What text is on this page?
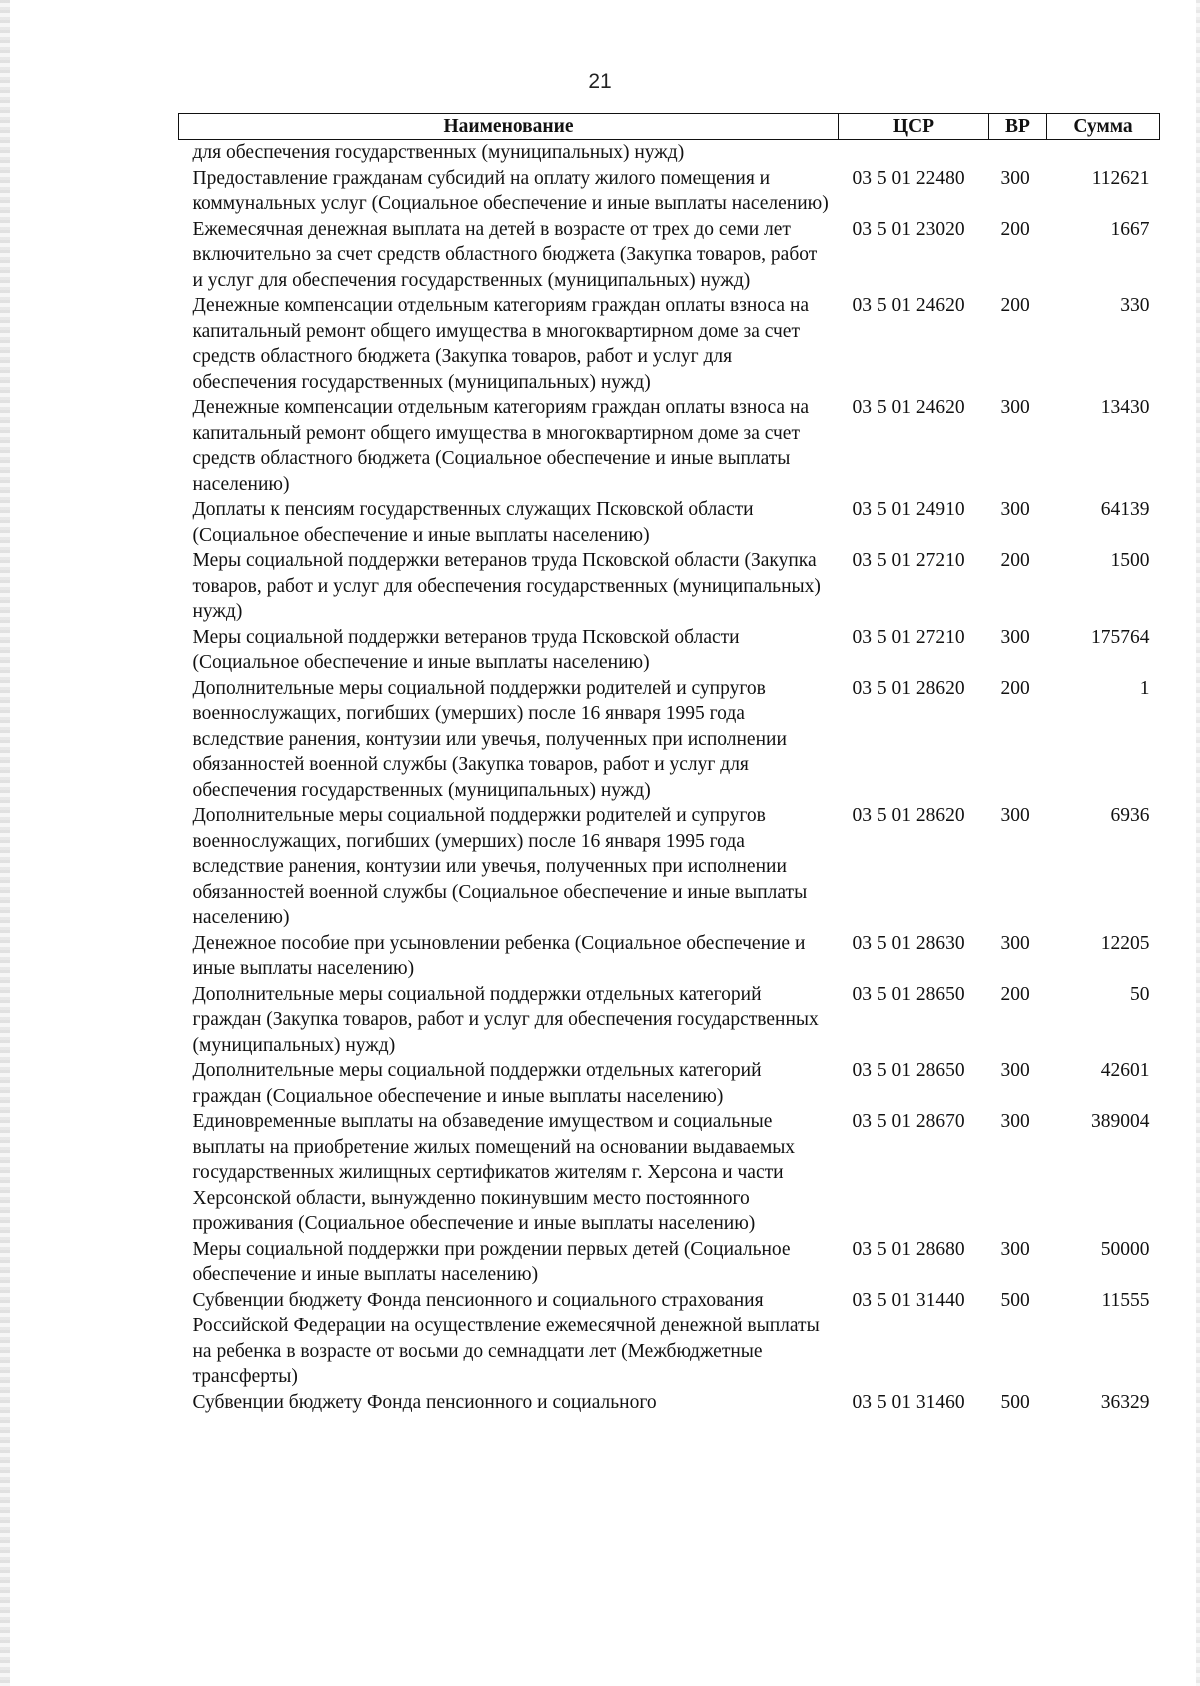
21
Наименование	ЦСР	ВР	Сумма
для обеспечения государственных (муниципальных) нужд)			
Предоставление гражданам субсидий на оплату жилого помещения и коммунальных услуг (Социальное обеспечение и иные выплаты населению)	03 5 01 22480	300	112621
Ежемесячная денежная выплата на детей в возрасте от трех до семи лет включительно за счет средств областного бюджета (Закупка товаров, работ и услуг для обеспечения государственных (муниципальных) нужд)	03 5 01 23020	200	1667
Денежные компенсации отдельным категориям граждан оплаты взноса на капитальный ремонт общего имущества в многоквартирном доме за счет средств областного бюджета (Закупка товаров, работ и услуг для обеспечения государственных (муниципальных) нужд)	03 5 01 24620	200	330
Денежные компенсации отдельным категориям граждан оплаты взноса на капитальный ремонт общего имущества в многоквартирном доме за счет средств областного бюджета (Социальное обеспечение и иные выплаты населению)	03 5 01 24620	300	13430
Доплаты к пенсиям государственных служащих Псковской области (Социальное обеспечение и иные выплаты населению)	03 5 01 24910	300	64139
Меры социальной поддержки ветеранов труда Псковской области (Закупка товаров, работ и услуг для обеспечения государственных (муниципальных) нужд)	03 5 01 27210	200	1500
Меры социальной поддержки ветеранов труда Псковской области (Социальное обеспечение и иные выплаты населению)	03 5 01 27210	300	175764
Дополнительные меры социальной поддержки родителей и супругов военнослужащих, погибших (умерших) после 16 января 1995 года вследствие ранения, контузии или увечья, полученных при исполнении обязанностей военной службы (Закупка товаров, работ и услуг для обеспечения государственных (муниципальных) нужд)	03 5 01 28620	200	1
Дополнительные меры социальной поддержки родителей и супругов военнослужащих, погибших (умерших) после 16 января 1995 года вследствие ранения, контузии или увечья, полученных при исполнении обязанностей военной службы (Социальное обеспечение и иные выплаты населению)	03 5 01 28620	300	6936
Денежное пособие при усыновлении ребенка (Социальное обеспечение и иные выплаты населению)	03 5 01 28630	300	12205
Дополнительные меры социальной поддержки отдельных категорий граждан (Закупка товаров, работ и услуг для обеспечения государственных (муниципальных) нужд)	03 5 01 28650	200	50
Дополнительные меры социальной поддержки отдельных категорий граждан (Социальное обеспечение и иные выплаты населению)	03 5 01 28650	300	42601
Единовременные выплаты на обзаведение имуществом и социальные выплаты на приобретение жилых помещений на основании выдаваемых государственных жилищных сертификатов жителям г. Херсона и части Херсонской области, вынужденно покинувшим место постоянного проживания (Социальное обеспечение и иные выплаты населению)	03 5 01 28670	300	389004
Меры социальной поддержки при рождении первых детей (Социальное обеспечение и иные выплаты населению)	03 5 01 28680	300	50000
Субвенции бюджету Фонда пенсионного и социального страхования Российской Федерации на осуществление ежемесячной денежной выплаты на ребенка в возрасте от восьми до семнадцати лет (Межбюджетные трансферты)	03 5 01 31440	500	11555
Субвенции бюджету Фонда пенсионного и социального	03 5 01 31460	500	36329
